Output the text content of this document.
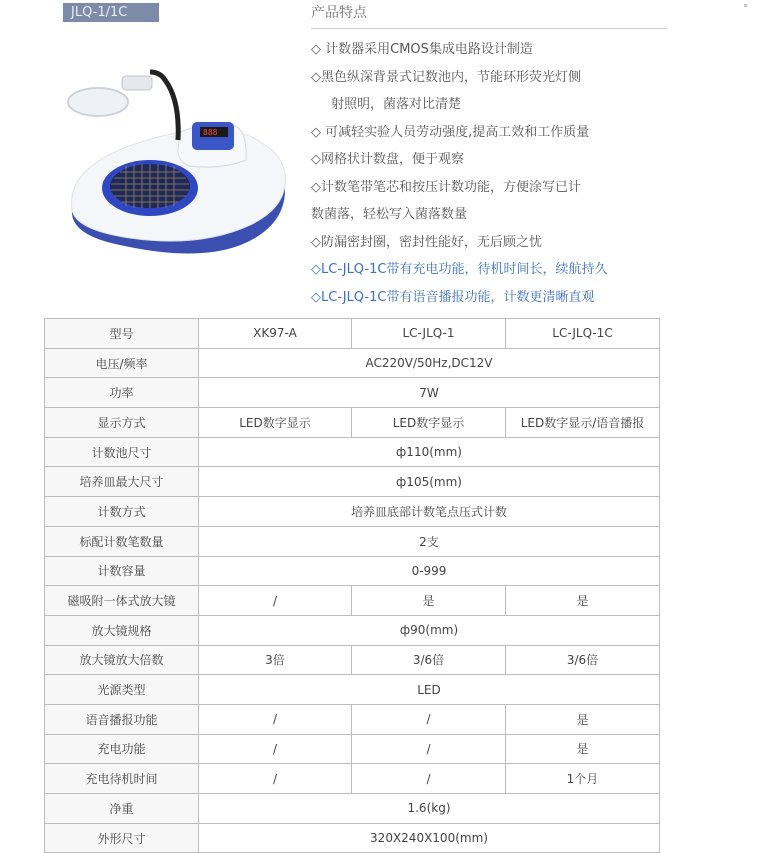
JLQ-1/1C
888
产品特点
◇ 计数器采用CMOS集成电路设计制造
◇黑色纵深背景式记数池内，节能环形荧光灯侧
射照明，菌落对比清楚
◇ 可减轻实验人员劳动强度,提高工效和工作质量
◇网格状计数盘，便于观察
◇计数笔带笔芯和按压计数功能，方便涂写已计
数菌落，轻松写入菌落数量
◇防漏密封圈，密封性能好，无后顾之忧
◇LC-JLQ-1C带有充电功能，待机时间长，续航持久
◇LC-JLQ-1C带有语音播报功能，计数更清晰直观
型号	XK97-A	LC-JLQ-1	LC-JLQ-1C
电压/频率	AC220V/50Hz,DC12V		
功率	7W		
显示方式	LED数字显示	LED数字显示	LED数字显示/语音播报
计数池尺寸	ф110(mm)		
培养皿最大尺寸	ф105(mm)		
计数方式	培养皿底部计数笔点压式计数		
标配计数笔数量	2支		
计数容量	0-999		
磁吸附一体式放大镜	/	是	是
放大镜规格	ф90(mm)		
放大镜放大倍数	3倍	3/6倍	3/6倍
光源类型	LED		
语音播报功能	/	/	是
充电功能	/	/	是
充电待机时间	/	/	1个月
净重	1.6(kg)		
外形尺寸	320X240X100(mm)		
